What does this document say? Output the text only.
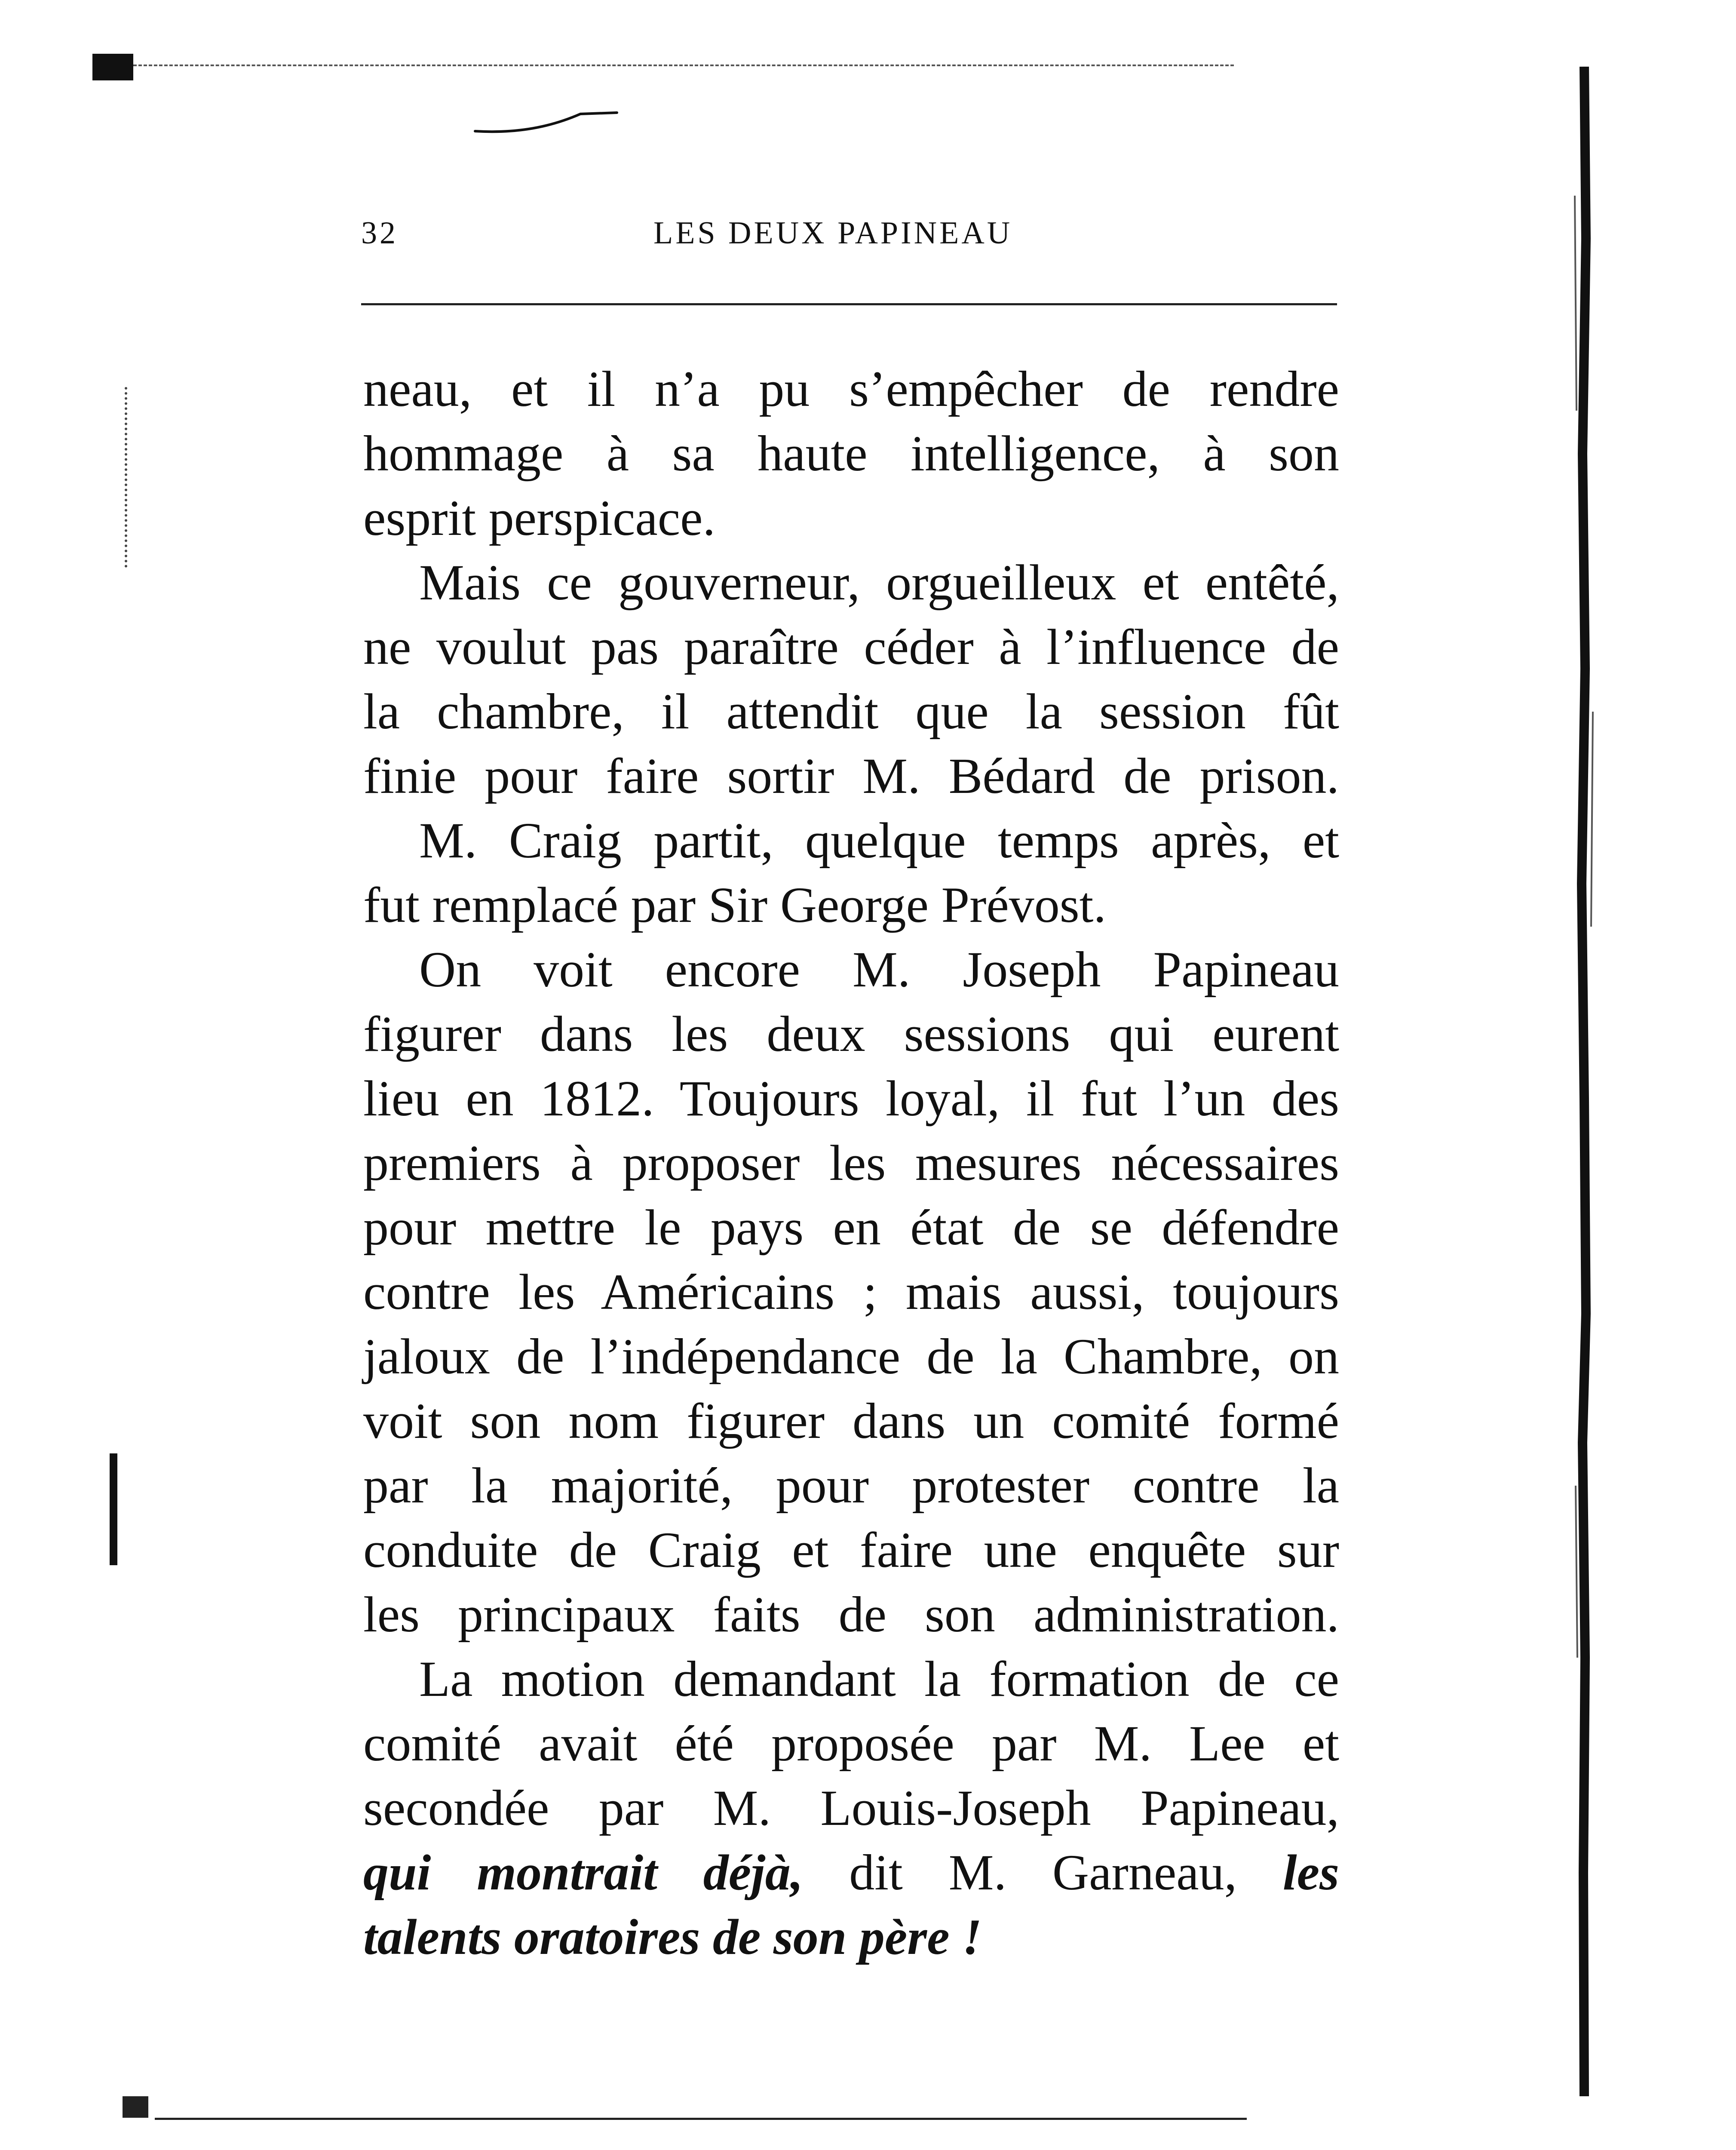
32	LES DEUX PAPINEAU

neau, et il n’a pu s’empêcher de rendre

hommage à sa haute intelligence, à son

esprit perspicace.

Mais ce gouverneur, orgueilleux et entêté,

ne voulut pas paraître céder à l’influence de

la chambre, il attendit que la session fût

finie pour faire sortir M. Bédard de prison.

M. Craig partit, quelque temps après, et

fut remplacé par Sir George Prévost.

On voit encore M. Joseph Papineau

figurer dans les deux sessions qui eurent

lieu en 1812. Toujours loyal, il fut l’un des

premiers à proposer les mesures nécessaires

pour mettre le pays en état de se défendre

contre les Américains ; mais aussi, toujours

jaloux de l’indépendance de la Chambre, on

voit son nom figurer dans un comité formé

par la majorité, pour protester contre la

conduite de Craig et faire une enquête sur

les principaux faits de son administration.

La motion demandant la formation de ce

comité avait été proposée par M. Lee et

secondée par M. Louis-Joseph Papineau,

qui montrait déjà, dit M. Garneau, les

talents oratoires de son père !
